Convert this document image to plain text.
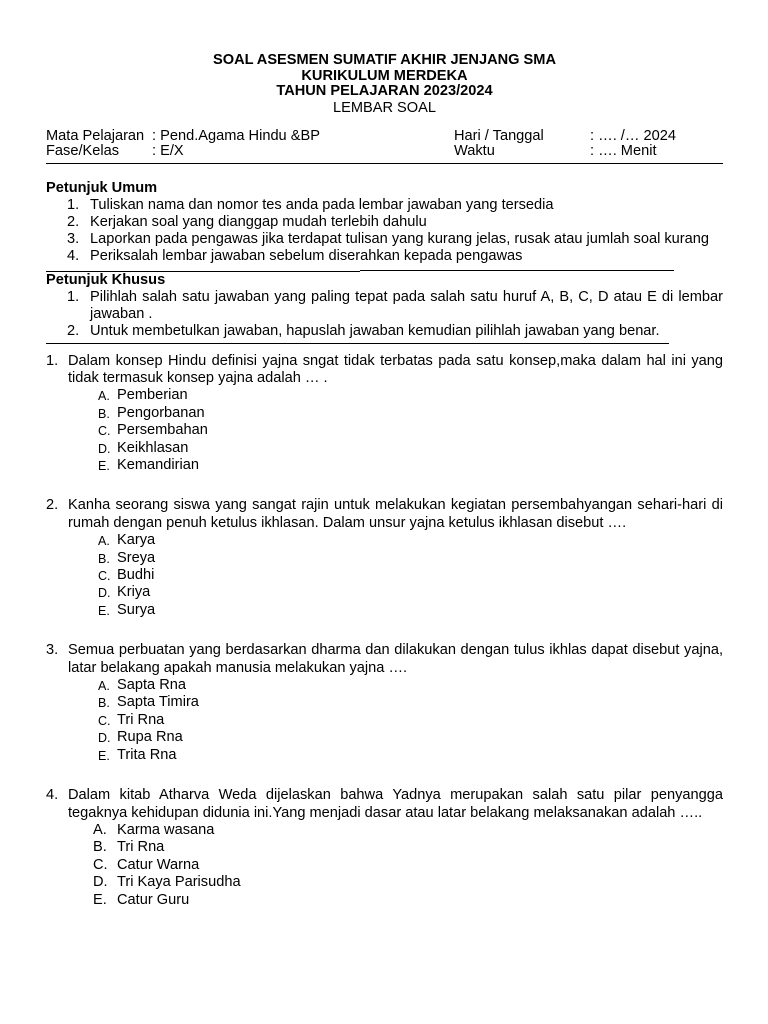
SOAL ASESMEN SUMATIF AKHIR JENJANG SMA
KURIKULUM MERDEKA
TAHUN PELAJARAN 2023/2024
LEMBAR SOAL
Mata Pelajaran : Pend.Agama Hindu &BP	Hari / Tanggal	: …. /… 2024
Fase/Kelas : E/X	Waktu	: …. Menit
Petunjuk Umum
1. Tuliskan nama dan nomor tes anda pada lembar jawaban yang tersedia
2. Kerjakan soal yang dianggap mudah terlebih dahulu
3. Laporkan pada pengawas jika terdapat tulisan yang kurang jelas, rusak atau jumlah soal kurang
4. Periksalah lembar jawaban sebelum diserahkan kepada pengawas
Petunjuk Khusus
1. Pilihlah salah satu jawaban yang paling tepat pada salah satu huruf A, B, C, D atau E di lembar jawaban .
2. Untuk membetulkan jawaban, hapuslah jawaban kemudian pilihlah jawaban yang benar.
1. Dalam konsep Hindu definisi yajna sngat tidak terbatas pada satu konsep,maka dalam hal ini yang tidak termasuk konsep yajna adalah … .
A. Pemberian
B. Pengorbanan
C. Persembahan
D. Keikhlasan
E. Kemandirian
2. Kanha seorang siswa yang sangat rajin untuk melakukan kegiatan persembahyangan sehari-hari di rumah dengan penuh ketulus ikhlasan. Dalam unsur yajna ketulus ikhlasan disebut ….
A. Karya
B. Sreya
C. Budhi
D. Kriya
E. Surya
3. Semua perbuatan yang berdasarkan dharma dan dilakukan dengan tulus ikhlas dapat disebut yajna, latar belakang apakah manusia melakukan yajna ….
A. Sapta Rna
B. Sapta Timira
C. Tri Rna
D. Rupa Rna
E. Trita Rna
4. Dalam kitab Atharva Weda dijelaskan bahwa Yadnya merupakan salah satu pilar penyangga tegaknya kehidupan didunia ini.Yang menjadi dasar atau latar belakang melaksanakan adalah …..
A. Karma wasana
B. Tri Rna
C. Catur Warna
D. Tri Kaya Parisudha
E. Catur Guru
